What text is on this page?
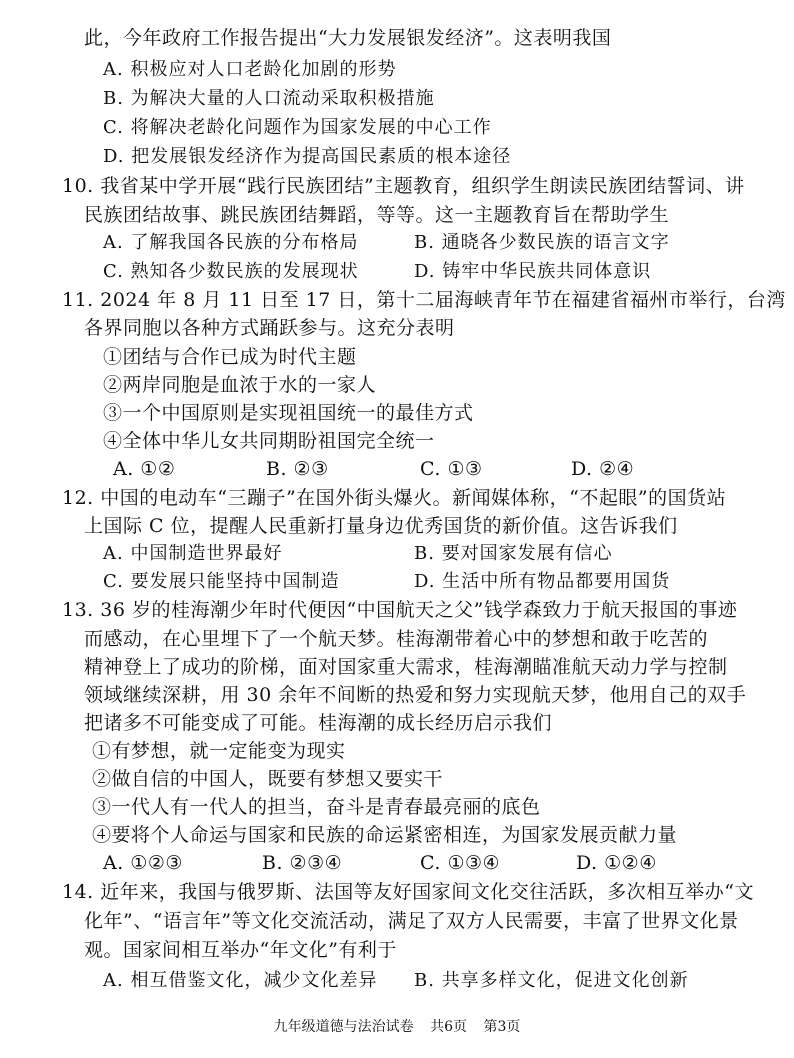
此，今年政府工作报告提出“大力发展银发经济”。这表明我国
A. 积极应对人口老龄化加剧的形势
B. 为解决大量的人口流动采取积极措施
C. 将解决老龄化问题作为国家发展的中心工作
D. 把发展银发经济作为提高国民素质的根本途径
10. 我省某中学开展“践行民族团结”主题教育，组织学生朗读民族团结誓词、讲
民族团结故事、跳民族团结舞蹈，等等。这一主题教育旨在帮助学生
A. 了解我国各民族的分布格局	B. 通晓各少数民族的语言文字
C. 熟知各少数民族的发展现状	D. 铸牢中华民族共同体意识
11. 2024 年 8 月 11 日至 17 日，第十二届海峡青年节在福建省福州市举行，台湾
各界同胞以各种方式踊跃参与。这充分表明
①团结与合作已成为时代主题
②两岸同胞是血浓于水的一家人
③一个中国原则是实现祖国统一的最佳方式
④全体中华儿女共同期盼祖国完全统一
A. ①②	B. ②③	C. ①③	D. ②④
12. 中国的电动车“三蹦子”在国外街头爆火。新闻媒体称，“不起眼”的国货站
上国际 C 位，提醒人民重新打量身边优秀国货的新价值。这告诉我们
A. 中国制造世界最好	B. 要对国家发展有信心
C. 要发展只能坚持中国制造	D. 生活中所有物品都要用国货
13. 36 岁的桂海潮少年时代便因“中国航天之父”钱学森致力于航天报国的事迹
而感动，在心里埋下了一个航天梦。桂海潮带着心中的梦想和敢于吃苦的
精神登上了成功的阶梯，面对国家重大需求，桂海潮瞄准航天动力学与控制
领域继续深耕，用 30 余年不间断的热爱和努力实现航天梦，他用自己的双手
把诸多不可能变成了可能。桂海潮的成长经历启示我们
①有梦想，就一定能变为现实
②做自信的中国人，既要有梦想又要实干
③一代人有一代人的担当，奋斗是青春最亮丽的底色
④要将个人命运与国家和民族的命运紧密相连，为国家发展贡献力量
A. ①②③	B. ②③④	C. ①③④	D. ①②④
14. 近年来，我国与俄罗斯、法国等友好国家间文化交往活跃，多次相互举办“文
化年”、“语言年”等文化交流活动，满足了双方人民需要，丰富了世界文化景
观。国家间相互举办“年文化”有利于
A. 相互借鉴文化，减少文化差异 B. 共享多样文化，促进文化创新
九年级道德与法治试卷 共6页 第3页
